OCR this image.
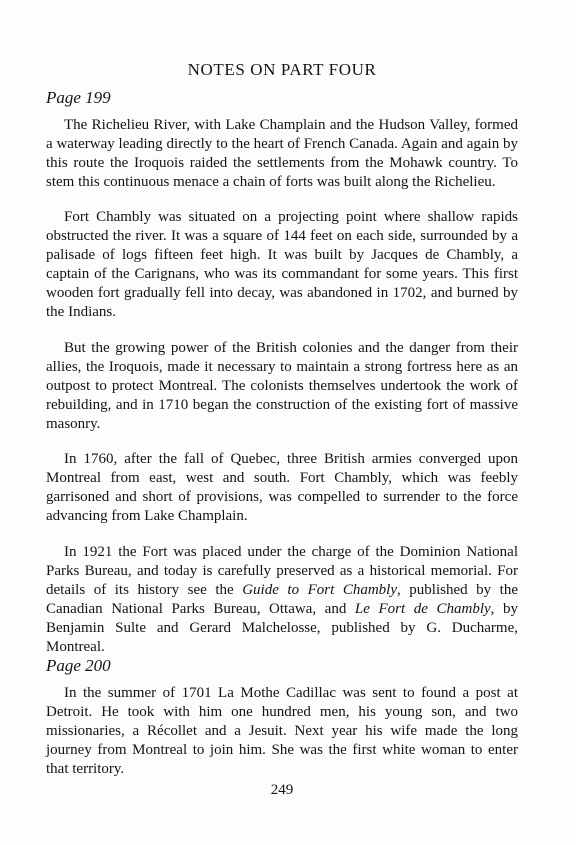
NOTES ON PART FOUR
Page 199

The Richelieu River, with Lake Champlain and the Hudson Valley, formed a waterway leading directly to the heart of French Canada. Again and again by this route the Iroquois raided the settlements from the Mohawk country. To stem this continuous menace a chain of forts was built along the Richelieu.

Fort Chambly was situated on a projecting point where shallow rapids obstructed the river. It was a square of 144 feet on each side, surrounded by a palisade of logs fifteen feet high. It was built by Jacques de Chambly, a captain of the Carignans, who was its commandant for some years. This first wooden fort gradually fell into decay, was abandoned in 1702, and burned by the Indians.

But the growing power of the British colonies and the danger from their allies, the Iroquois, made it necessary to maintain a strong fortress here as an outpost to protect Montreal. The colonists themselves undertook the work of rebuilding, and in 1710 began the construction of the existing fort of massive masonry.

In 1760, after the fall of Quebec, three British armies converged upon Montreal from east, west and south. Fort Chambly, which was feebly garrisoned and short of provisions, was compelled to surrender to the force advancing from Lake Champlain.

In 1921 the Fort was placed under the charge of the Dominion National Parks Bureau, and today is carefully preserved as a historical memorial. For details of its history see the Guide to Fort Chambly, published by the Canadian National Parks Bureau, Ottawa, and Le Fort de Chambly, by Benjamin Sulte and Gerard Malchelosse, published by G. Ducharme, Montreal.

Page 200

In the summer of 1701 La Mothe Cadillac was sent to found a post at Detroit. He took with him one hundred men, his young son, and two missionaries, a Récollet and a Jesuit. Next year his wife made the long journey from Montreal to join him. She was the first white woman to enter that territory.

249
